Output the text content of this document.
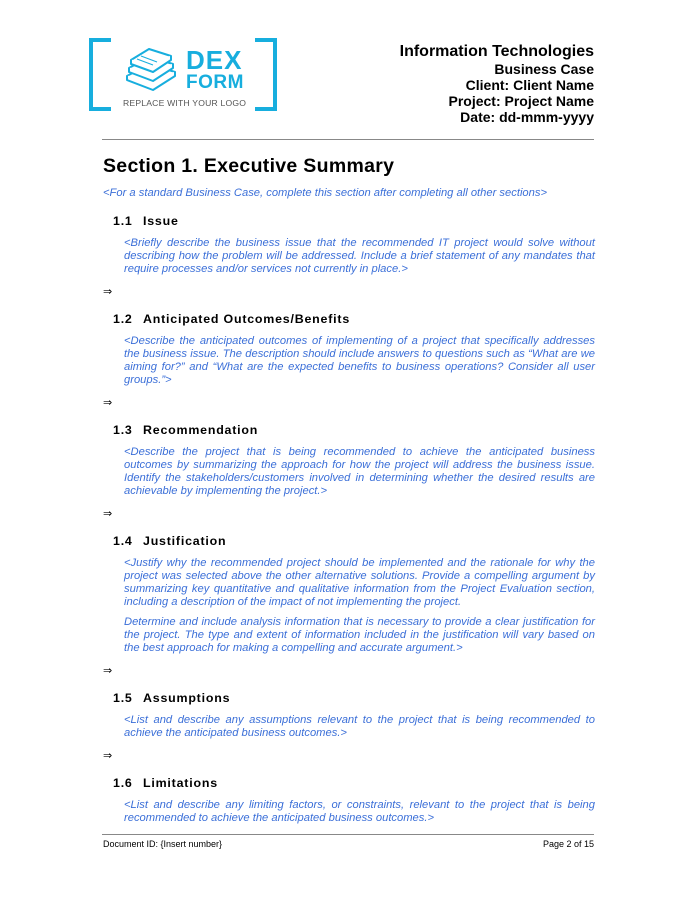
DEX
FORM
REPLACE WITH YOUR LOGO
Information Technologies
Business Case
Client: Client Name
Project: Project Name
Date: dd-mmm-yyyy
Section 1. Executive Summary
<For a standard Business Case, complete this section after completing all other sections>
1.1 Issue
<Briefly describe the business issue that the recommended IT project would solve without describing how the problem will be addressed. Include a brief statement of any mandates that require processes and/or services not currently in place.>
⇒
1.2 Anticipated Outcomes/Benefits
<Describe the anticipated outcomes of implementing of a project that specifically addresses the business issue. The description should include answers to questions such as “What are we aiming for?” and “What are the expected benefits to business operations? Consider all user groups.”>
⇒
1.3 Recommendation
<Describe the project that is being recommended to achieve the anticipated business outcomes by summarizing the approach for how the project will address the business issue. Identify the stakeholders/customers involved in determining whether the desired results are achievable by implementing the project.>
⇒
1.4 Justification
<Justify why the recommended project should be implemented and the rationale for why the project was selected above the other alternative solutions. Provide a compelling argument by summarizing key quantitative and qualitative information from the Project Evaluation section, including a description of the impact of not implementing the project.
Determine and include analysis information that is necessary to provide a clear justification for the project. The type and extent of information included in the justification will vary based on the best approach for making a compelling and accurate argument.>
⇒
1.5 Assumptions
<List and describe any assumptions relevant to the project that is being recommended to achieve the anticipated business outcomes.>
⇒
1.6 Limitations
<List and describe any limiting factors, or constraints, relevant to the project that is being recommended to achieve the anticipated business outcomes.>
Document ID: {Insert number}	Page 2 of 15
